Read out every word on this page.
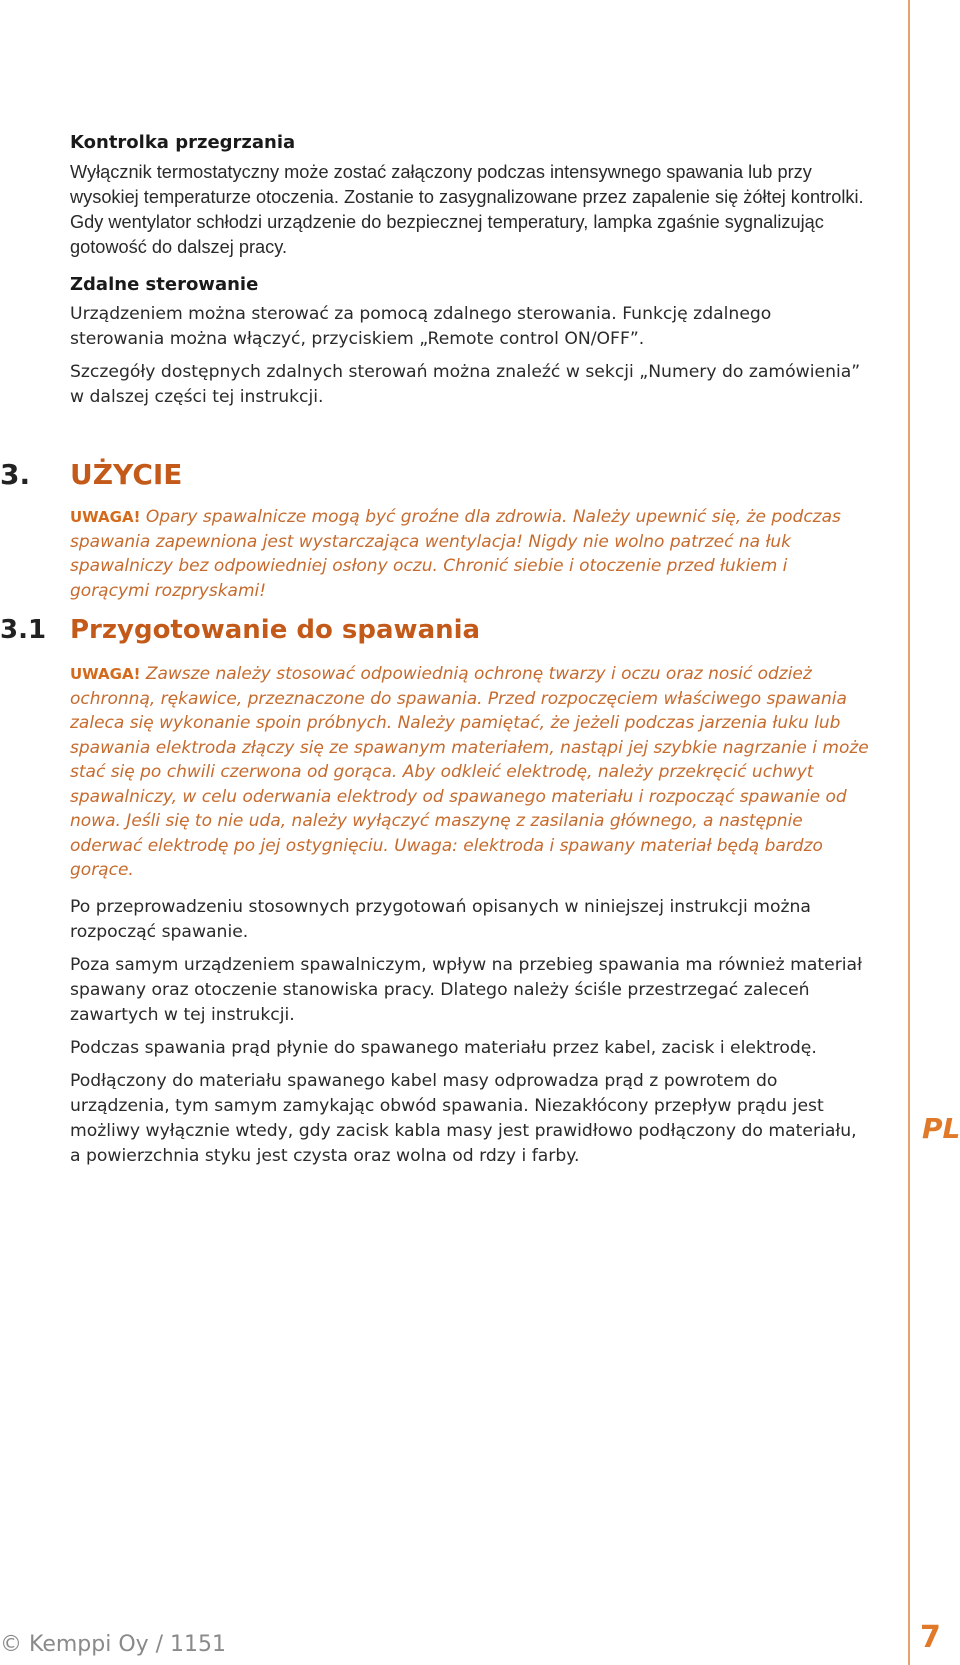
Kontrolka przegrzania
Wyłącznik termostatyczny może zostać załączony podczas intensywnego spawania lub przy wysokiej temperaturze otoczenia. Zostanie to zasygnalizowane przez zapalenie się żółtej kontrolki. Gdy wentylator schłodzi urządzenie do bezpiecznej temperatury, lampka zgaśnie sygnalizując gotowość do dalszej pracy.
Zdalne sterowanie
Urządzeniem można sterować za pomocą zdalnego sterowania. Funkcję zdalnego sterowania można włączyć, przyciskiem „Remote control ON/OFF”.
Szczegóły dostępnych zdalnych sterowań można znaleźć w sekcji „Numery do zamówienia” w dalszej części tej instrukcji.
3. UŻYCIE

UWAGA! Opary spawalnicze mogą być groźne dla zdrowia. Należy upewnić się, że podczas spawania zapewniona jest wystarczająca wentylacja! Nigdy nie wolno patrzeć na łuk spawalniczy bez odpowiedniej osłony oczu. Chronić siebie i otoczenie przed łukiem i gorącymi rozpryskami!

3.1 Przygotowanie do spawania

UWAGA! Zawsze należy stosować odpowiednią ochronę twarzy i oczu oraz nosić odzież ochronną, rękawice, przeznaczone do spawania. Przed rozpoczęciem właściwego spawania zaleca się wykonanie spoin próbnych. Należy pamiętać, że jeżeli podczas jarzenia łuku lub spawania elektroda złączy się ze spawanym materiałem, nastąpi jej szybkie nagrzanie i może stać się po chwili czerwona od gorąca. Aby odkleić elektrodę, należy przekręcić uchwyt spawalniczy, w celu oderwania elektrody od spawanego materiału i rozpocząć spawanie od nowa. Jeśli się to nie uda, należy wyłączyć maszynę z zasilania głównego, a następnie oderwać elektrodę po jej ostygnięciu. Uwaga: elektroda i spawany materiał będą bardzo gorące.

Po przeprowadzeniu stosownych przygotowań opisanych w niniejszej instrukcji można rozpocząć spawanie.
Poza samym urządzeniem spawalniczym, wpływ na przebieg spawania ma również materiał spawany oraz otoczenie stanowiska pracy. Dlatego należy ściśle przestrzegać zaleceń zawartych w tej instrukcji.
Podczas spawania prąd płynie do spawanego materiału przez kabel, zacisk i elektrodę.
Podłączony do materiału spawanego kabel masy odprowadza prąd z powrotem do urządzenia, tym samym zamykając obwód spawania. Niezakłócony przepływ prądu jest możliwy wyłącznie wtedy, gdy zacisk kabla masy jest prawidłowo podłączony do materiału, a powierzchnia styku jest czysta oraz wolna od rdzy i farby.
PL
© Kemppi Oy / 1151	7
